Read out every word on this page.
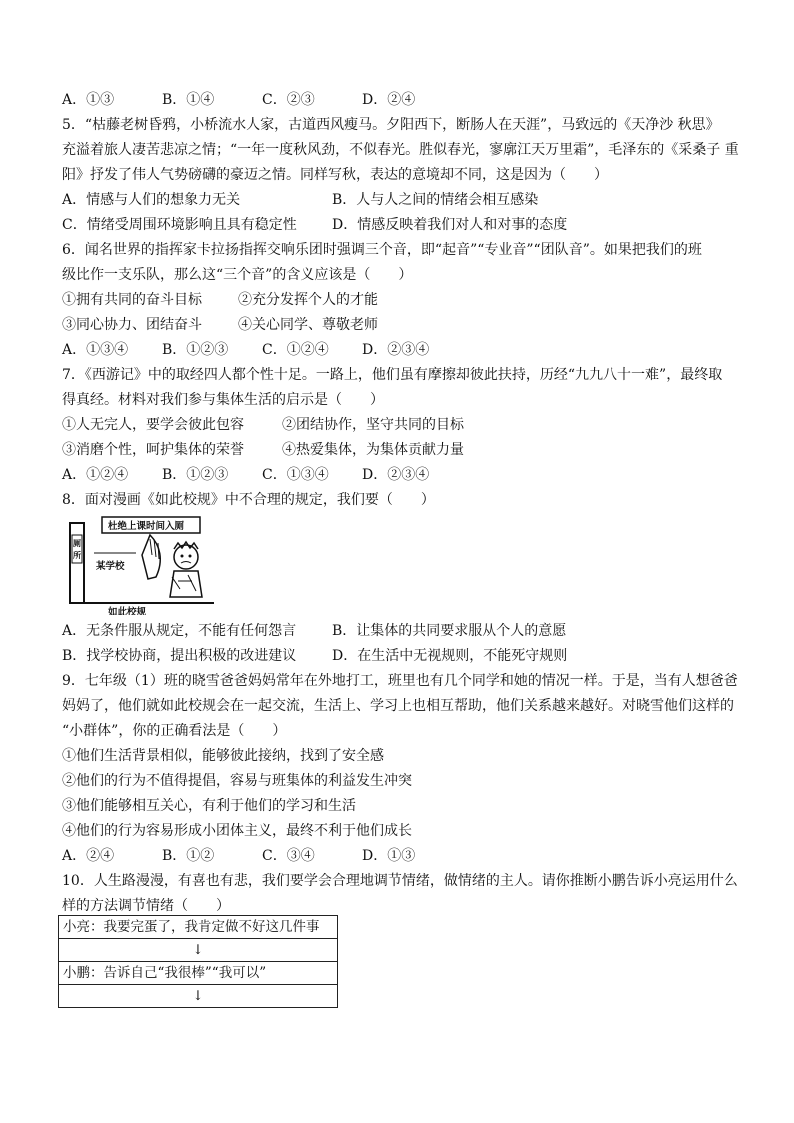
A．①③	B．①④	C．②③	D．②④
5．“枯藤老树昏鸦，小桥流水人家，古道西风瘦马。夕阳西下，断肠人在天涯”，马致远的《天净沙 秋思》
充溢着旅人凄苦悲凉之情；“一年一度秋风劲，不似春光。胜似春光，寥廓江天万里霜”，毛泽东的《采桑子 重
阳》抒发了伟人气势磅礴的豪迈之情。同样写秋，表达的意境却不同，这是因为（　　）
A．情感与人们的想象力无关	B．人与人之间的情绪会相互感染
C．情绪受周围环境影响且具有稳定性	D．情感反映着我们对人和对事的态度
6．闻名世界的指挥家卡拉扬指挥交响乐团时强调三个音，即“起音”“专业音”“团队音”。如果把我们的班
级比作一支乐队，那么这“三个音”的含义应该是（　　）
①拥有共同的奋斗目标	②充分发挥个人的才能
③同心协力、团结奋斗	④关心同学、尊敬老师
A．①③④	B．①②③	C．①②④	D．②③④
7．《西游记》中的取经四人都个性十足。一路上，他们虽有摩擦却彼此扶持，历经“九九八十一难”，最终取
得真经。材料对我们参与集体生活的启示是（　　）
①人无完人，要学会彼此包容	②团结协作，坚守共同的目标
③消磨个性，呵护集体的荣誉	④热爱集体，为集体贡献力量
A．①②④	B．①②③	C．①③④	D．②③④
8．面对漫画《如此校规》中不合理的规定，我们要（　　）
杜绝上课时间入厕
厕
所
某学校
如此校规
A．无条件服从规定，不能有任何怨言	B．让集体的共同要求服从个人的意愿
B．找学校协商，提出积极的改进建议	D．在生活中无视规则，不能死守规则
9．七年级（1）班的晓雪爸爸妈妈常年在外地打工，班里也有几个同学和她的情况一样。于是，当有人想爸爸
妈妈了，他们就如此校规会在一起交流，生活上、学习上也相互帮助，他们关系越来越好。对晓雪他们这样的
“小群体”，你的正确看法是（　　）
①他们生活背景相似，能够彼此接纳，找到了安全感
②他们的行为不值得提倡，容易与班集体的利益发生冲突
③他们能够相互关心，有利于他们的学习和生活
④他们的行为容易形成小团体主义，最终不利于他们成长
A．②④	B．①②	C．③④	D．①③
10．人生路漫漫，有喜也有悲，我们要学会合理地调节情绪，做情绪的主人。请你推断小鹏告诉小亮运用什么
样的方法调节情绪（　　）
小亮：我要完蛋了，我肯定做不好这几件事
↓
小鹏：告诉自己“我很棒”“我可以”
↓
